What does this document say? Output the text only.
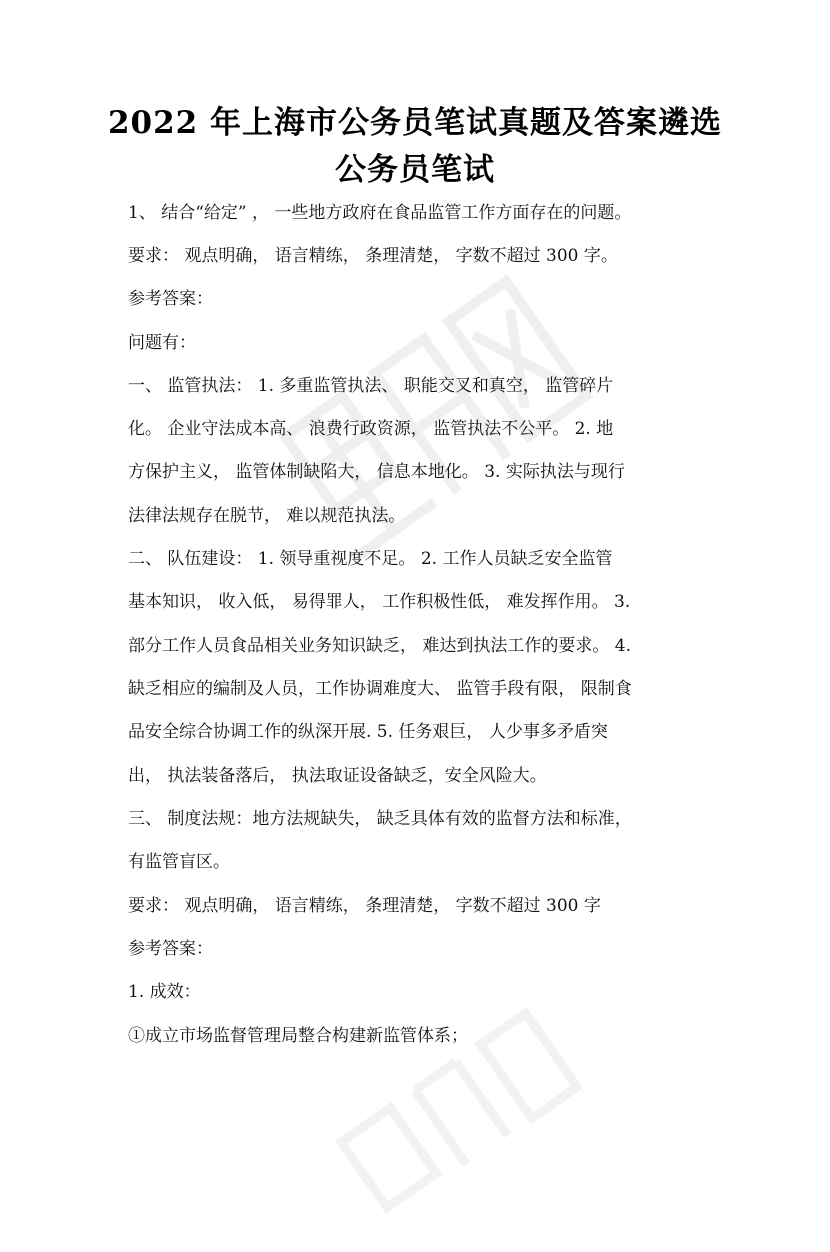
2022 年上海市公务员笔试真题及答案遴选
公务员笔试
1、 结合“给定” ， 一些地方政府在食品监管工作方面存在的问题。
要求： 观点明确， 语言精练， 条理清楚， 字数不超过 300 字。
参考答案：
问题有：
一、 监管执法： 1. 多重监管执法、 职能交叉和真空， 监管碎片
化。 企业守法成本高、 浪费行政资源， 监管执法不公平。 2. 地
方保护主义， 监管体制缺陷大， 信息本地化。 3. 实际执法与现行
法律法规存在脱节， 难以规范执法。
二、 队伍建设： 1. 领导重视度不足。 2. 工作人员缺乏安全监管
基本知识， 收入低， 易得罪人， 工作积极性低， 难发挥作用。 3.
部分工作人员食品相关业务知识缺乏， 难达到执法工作的要求。 4.
缺乏相应的编制及人员，工作协调难度大、 监管手段有限， 限制食
品安全综合协调工作的纵深开展. 5. 任务艰巨， 人少事多矛盾突
出， 执法装备落后， 执法取证设备缺乏，安全风险大。
三、 制度法规：地方法规缺失， 缺乏具体有效的监督方法和标准，
有监管盲区。
要求： 观点明确， 语言精练， 条理清楚， 字数不超过 300 字
参考答案：
1. 成效：
①成立市场监督管理局整合构建新监管体系；
